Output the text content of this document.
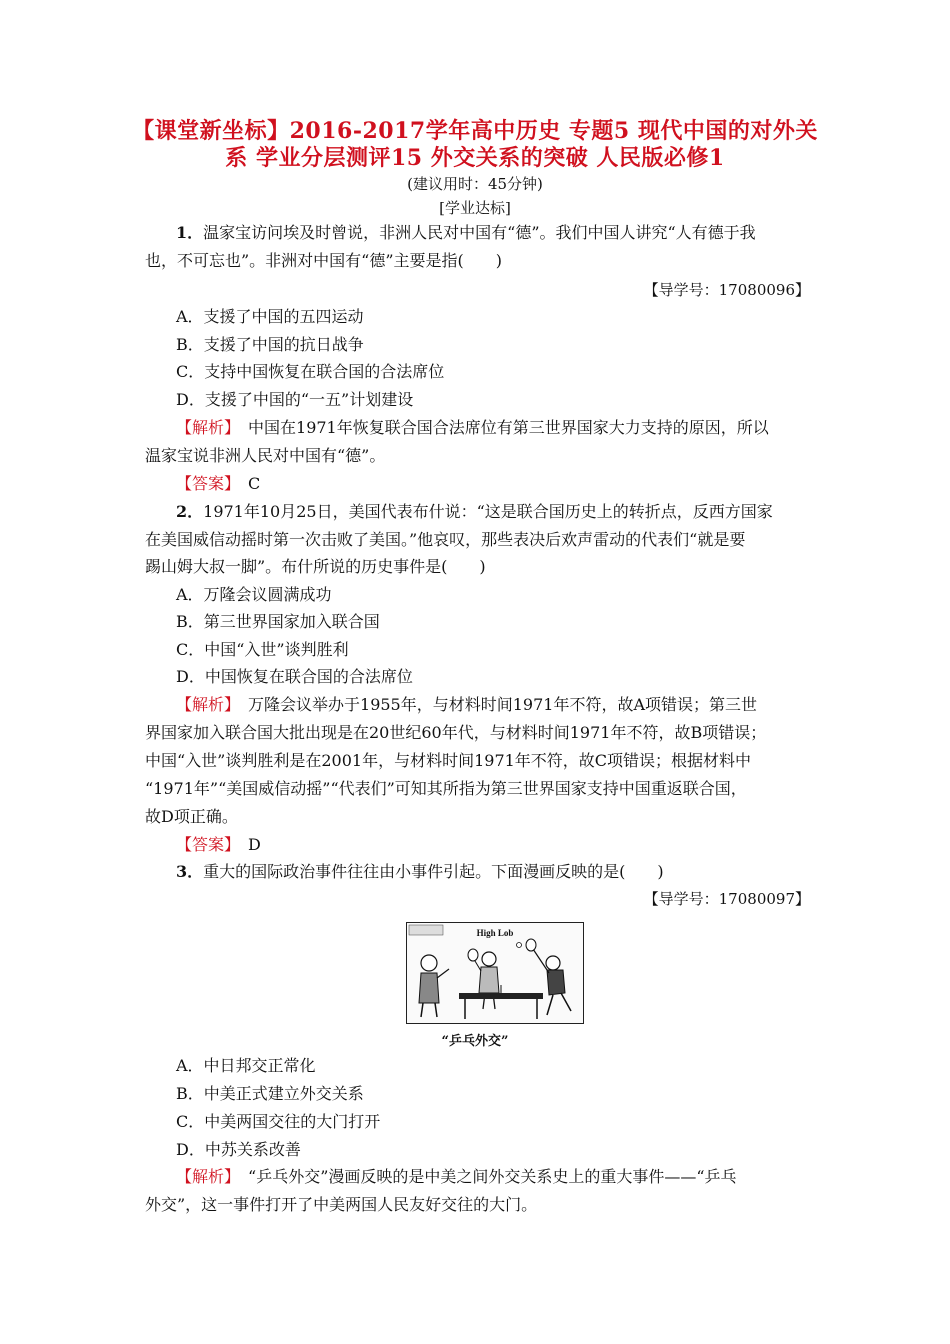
【课堂新坐标】2016-2017学年高中历史 专题5 现代中国的对外关
系 学业分层测评15 外交关系的突破 人民版必修1
(建议用时：45分钟)
[学业达标]
1．温家宝访问埃及时曾说，非洲人民对中国有“德”。我们中国人讲究“人有德于我
也，不可忘也”。非洲对中国有“德”主要是指(　　)
【导学号：17080096】
A．支援了中国的五四运动
B．支援了中国的抗日战争
C．支持中国恢复在联合国的合法席位
D．支援了中国的“一五”计划建设
【解析】　中国在1971年恢复联合国合法席位有第三世界国家大力支持的原因，所以
温家宝说非洲人民对中国有“德”。
【答案】　C
2．1971年10月25日，美国代表布什说：“这是联合国历史上的转折点，反西方国家
在美国威信动摇时第一次击败了美国。”他哀叹，那些表决后欢声雷动的代表们“就是要
踢山姆大叔一脚”。布什所说的历史事件是(　　)
A．万隆会议圆满成功
B．第三世界国家加入联合国
C．中国“入世”谈判胜利
D．中国恢复在联合国的合法席位
【解析】　万隆会议举办于1955年，与材料时间1971年不符，故A项错误；第三世
界国家加入联合国大批出现是在20世纪60年代，与材料时间1971年不符，故B项错误；
中国“入世”谈判胜利是在2001年，与材料时间1971年不符，故C项错误；根据材料中
“1971年”“美国威信动摇”“代表们”可知其所指为第三世界国家支持中国重返联合国，
故D项正确。
【答案】　D
3．重大的国际政治事件往往由小事件引起。下面漫画反映的是(　　)
【导学号：17080097】
High Lob
“乒乓外交”
A．中日邦交正常化
B．中美正式建立外交关系
C．中美两国交往的大门打开
D．中苏关系改善
【解析】　“乒乓外交”漫画反映的是中美之间外交关系史上的重大事件——“乒乓
外交”，这一事件打开了中美两国人民友好交往的大门。
